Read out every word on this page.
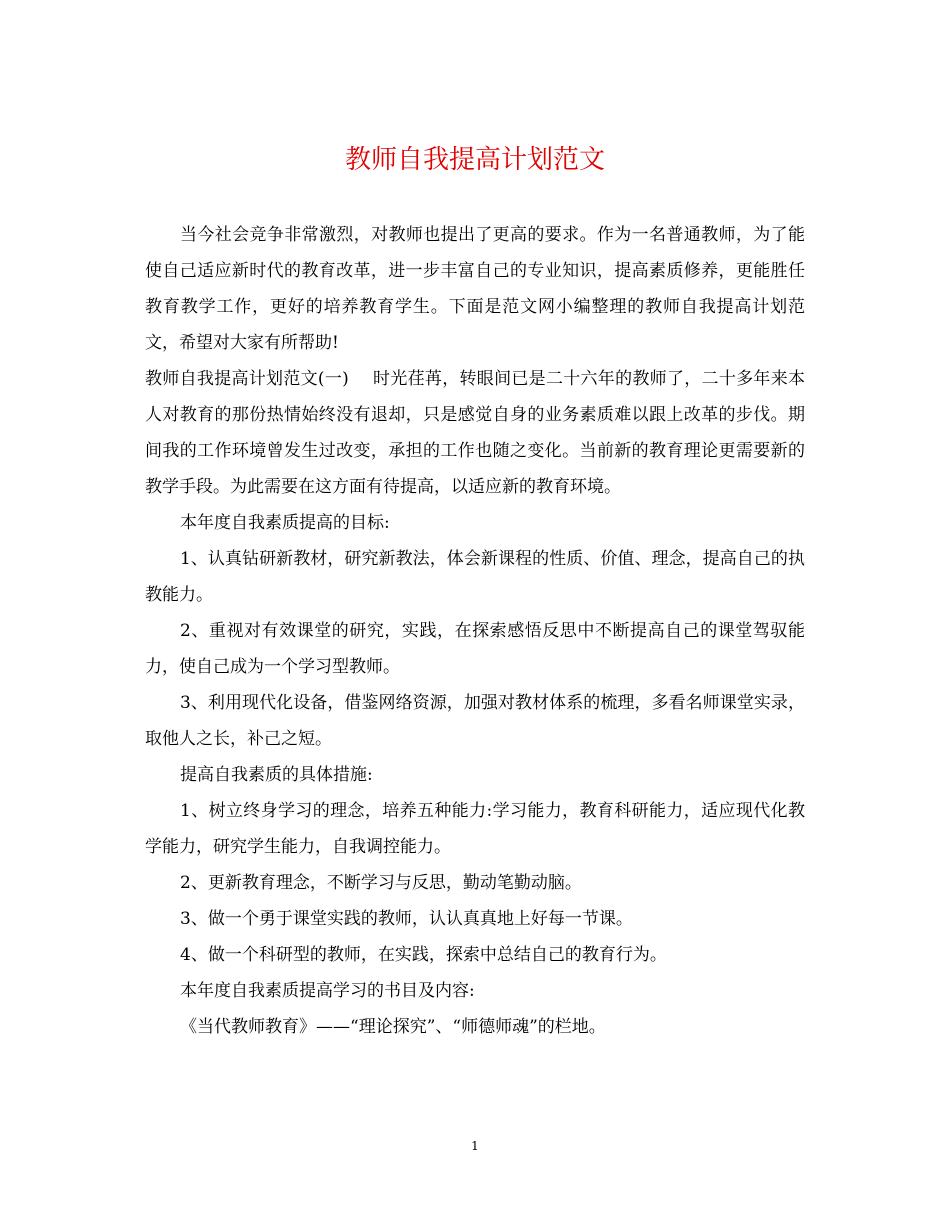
教师自我提高计划范文

当今社会竞争非常激烈，对教师也提出了更高的要求。作为一名普通教师，为了能使自己适应新时代的教育改革，进一步丰富自己的专业知识，提高素质修养，更能胜任教育教学工作，更好的培养教育学生。下面是范文网小编整理的教师自我提高计划范文，希望对大家有所帮助!

教师自我提高计划范文(一) 时光荏苒，转眼间已是二十六年的教师了，二十多年来本人对教育的那份热情始终没有退却，只是感觉自身的业务素质难以跟上改革的步伐。期间我的工作环境曾发生过改变，承担的工作也随之变化。当前新的教育理论更需要新的教学手段。为此需要在这方面有待提高，以适应新的教育环境。

本年度自我素质提高的目标:

1、认真钻研新教材，研究新教法，体会新课程的性质、价值、理念，提高自己的执教能力。

2、重视对有效课堂的研究，实践，在探索感悟反思中不断提高自己的课堂驾驭能力，使自己成为一个学习型教师。

3、利用现代化设备，借鉴网络资源，加强对教材体系的梳理，多看名师课堂实录，取他人之长，补己之短。

提高自我素质的具体措施:

1、树立终身学习的理念，培养五种能力:学习能力，教育科研能力，适应现代化教学能力，研究学生能力，自我调控能力。

2、更新教育理念，不断学习与反思，勤动笔勤动脑。

3、做一个勇于课堂实践的教师，认认真真地上好每一节课。

4、做一个科研型的教师，在实践，探索中总结自己的教育行为。

本年度自我素质提高学习的书目及内容:

《当代教师教育》——“理论探究”、“师德师魂”的栏地。

1
